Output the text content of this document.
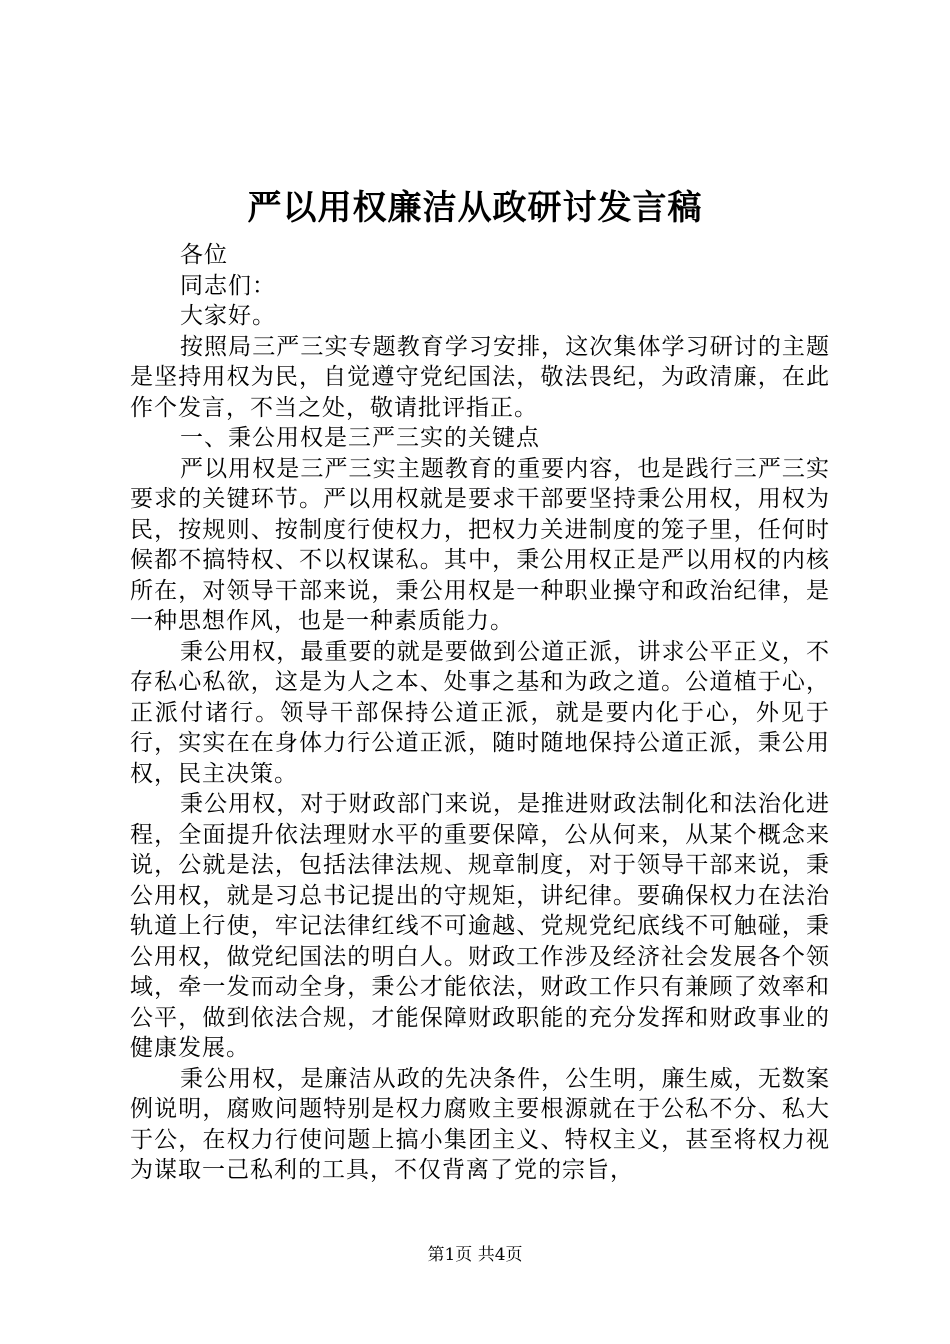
严以用权廉洁从政研讨发言稿

各位

同志们：

大家好。

按照局三严三实专题教育学习安排，这次集体学习研讨的主题是坚持用权为民，自觉遵守党纪国法，敬法畏纪，为政清廉，在此作个发言，不当之处，敬请批评指正。

一、秉公用权是三严三实的关键点

严以用权是三严三实主题教育的重要内容，也是践行三严三实要求的关键环节。严以用权就是要求干部要坚持秉公用权，用权为民，按规则、按制度行使权力，把权力关进制度的笼子里，任何时候都不搞特权、不以权谋私。其中，秉公用权正是严以用权的内核所在，对领导干部来说，秉公用权是一种职业操守和政治纪律，是一种思想作风，也是一种素质能力。

秉公用权，最重要的就是要做到公道正派，讲求公平正义，不存私心私欲，这是为人之本、处事之基和为政之道。公道植于心，正派付诸行。领导干部保持公道正派，就是要内化于心，外见于行，实实在在身体力行公道正派，随时随地保持公道正派，秉公用权，民主决策。

秉公用权，对于财政部门来说，是推进财政法制化和法治化进程，全面提升依法理财水平的重要保障，公从何来，从某个概念来说，公就是法，包括法律法规、规章制度，对于领导干部来说，秉公用权，就是习总书记提出的守规矩，讲纪律。要确保权力在法治轨道上行使，牢记法律红线不可逾越、党规党纪底线不可触碰，秉公用权，做党纪国法的明白人。财政工作涉及经济社会发展各个领域，牵一发而动全身，秉公才能依法，财政工作只有兼顾了效率和公平，做到依法合规，才能保障财政职能的充分发挥和财政事业的健康发展。

秉公用权，是廉洁从政的先决条件，公生明，廉生威，无数案例说明，腐败问题特别是权力腐败主要根源就在于公私不分、私大于公，在权力行使问题上搞小集团主义、特权主义，甚至将权力视为谋取一己私利的工具，不仅背离了党的宗旨，

第1页 共4页
